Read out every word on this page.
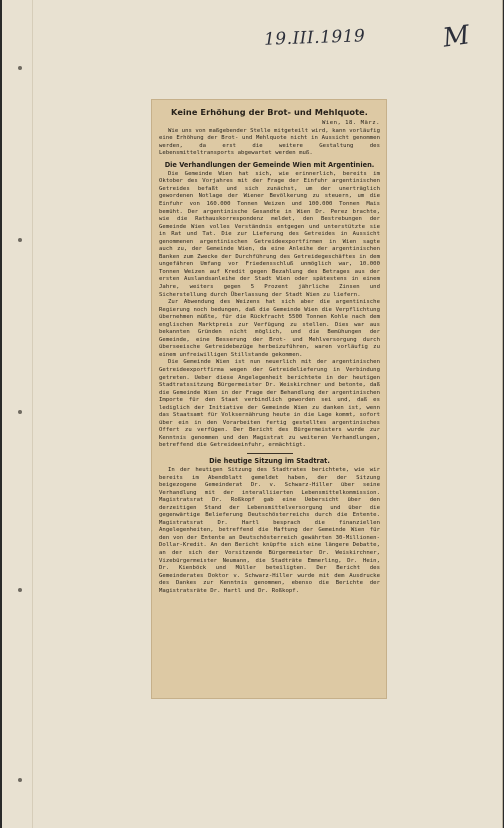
19.III.1919	M
Keine Erhöhung der Brot- und Mehlquote.

Wien, 18. März.

Wie uns von maßgebender Stelle mitgeteilt wird, kann vorläufig eine Erhöhung der Brot- und Mehlquote nicht in Aussicht genommen werden, da erst die weitere Gestaltung des Lebensmitteltransports abgewartet werden muß.

Die Verhandlungen der Gemeinde Wien mit Argentinien.

Die Gemeinde Wien hat sich, wie erinnerlich, bereits im Oktober des Vorjahres mit der Frage der Einfuhr argentinischen Getreides befaßt und sich zunächst, um der unerträglich gewordenen Notlage der Wiener Bevölkerung zu steuern, um die Einfuhr von 160.000 Tonnen Weizen und 100.000 Tonnen Mais bemüht. Der argentinische Gesandte in Wien Dr. Perez brachte, wie die Rathauskorrespondenz meldet, den Bestrebungen der Gemeinde Wien volles Verständnis entgegen und unterstützte sie in Rat und Tat. Die zur Lieferung des Getreides in Aussicht genommenen argentinischen Getreideexportfirmen in Wien sagte auch zu, der Gemeinde Wien, da eine Anleihe der argentinischen Banken zum Zwecke der Durchführung des Getreidegeschäftes in dem ungefähren Umfang vor Friedensschluß unmöglich war, 10.000 Tonnen Weizen auf Kredit gegen Bezahlung des Betrages aus der ersten Auslandsanleihe der Stadt Wien oder spätestens in einem Jahre, weiters gegen 5 Prozent jährliche Zinsen und Sicherstellung durch Überlassung der Stadt Wien zu liefern.

Zur Abwendung des Weizens hat sich aber die argentinische Regierung noch bedungen, daß die Gemeinde Wien die Verpflichtung übernehmen müßte, für die Rückfracht 5500 Tonnen Kohle nach dem englischen Marktpreis zur Verfügung zu stellen. Dies war aus bekannten Gründen nicht möglich, und die Bemühungen der Gemeinde, eine Besserung der Brot- und Mehlversorgung durch überseeische Getreidebezüge herbeizuführen, waren vorläufig zu einem unfreiwilligen Stillstande gekommen.

Die Gemeinde Wien ist nun neuerlich mit der argentinischen Getreideexportfirma wegen der Getreidelieferung in Verbindung getreten. Ueber diese Angelegenheit berichtete in der heutigen Stadtratssitzung Bürgermeister Dr. Weiskirchner und betonte, daß die Gemeinde Wien in der Frage der Behandlung der argentinischen Importe für den Staat verbindlich geworden sei und, daß es lediglich der Initiative der Gemeinde Wien zu danken ist, wenn das Staatsamt für Volksernährung heute in die Lage kommt, sofort über ein in den Vorarbeiten fertig gestelltes argentinisches Offert zu verfügen. Der Bericht des Bürgermeisters wurde zur Kenntnis genommen und den Magistrat zu weiteren Verhandlungen, betreffend die Getreideeinfuhr, ermächtigt.

Die heutige Sitzung im Stadtrat.

In der heutigen Sitzung des Stadtrates berichtete, wie wir bereits im Abendblatt gemeldet haben, der der Sitzung beigezogene Gemeinderat Dr. v. Schwarz-Hiller über seine Verhandlung mit der interalliierten Lebensmittelkommission. Magistratsrat Dr. Roßkopf gab eine Uebersicht über den derzeitigen Stand der Lebensmittelversorgung und über die gegenwärtige Belieferung Deutschösterreichs durch die Entente. Magistratsrat Dr. Hartl besprach die finanziellen Angelegenheiten, betreffend die Haftung der Gemeinde Wien für den von der Entente an Deutschösterreich gewährten 30-Millionen-Dollar-Kredit. An den Bericht knüpfte sich eine längere Debatte, an der sich der Vorsitzende Bürgermeister Dr. Weiskirchner, Vizebürgermeister Neumann, die Stadträte Emmerling, Dr. Hein, Dr. Kienböck und Müller beteiligten. Der Bericht des Gemeinderates Doktor v. Schwarz-Hiller wurde mit dem Ausdrucke des Dankes zur Kenntnis genommen, ebenso die Berichte der Magistratsräte Dr. Hartl und Dr. Roßkopf.
